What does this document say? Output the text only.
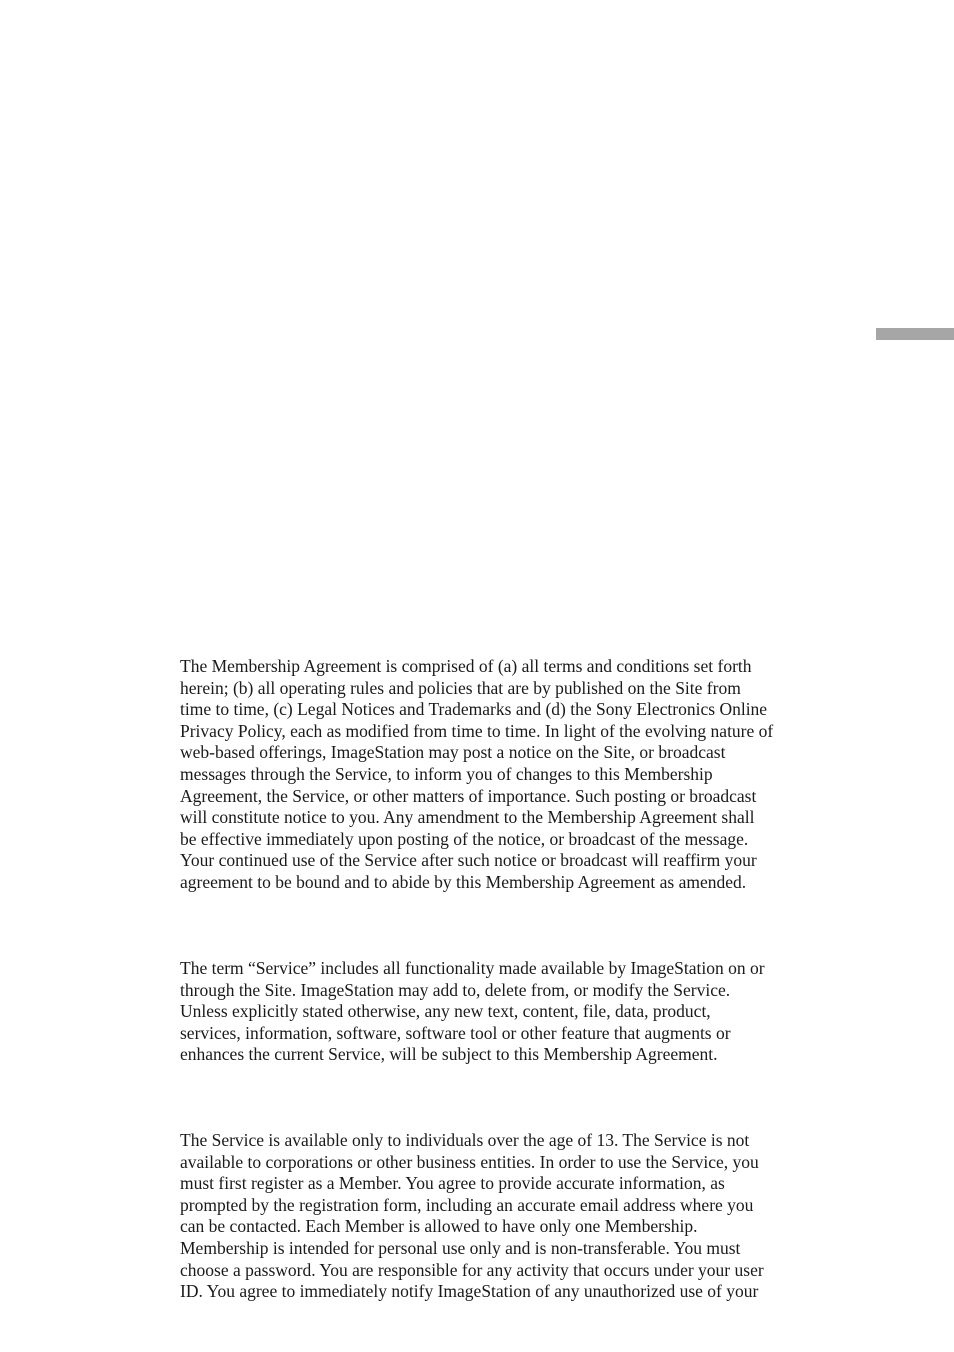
The Membership Agreement is comprised of (a) all terms and conditions set forth
herein; (b) all operating rules and policies that are by published on the Site from
time to time, (c) Legal Notices and Trademarks and (d) the Sony Electronics Online
Privacy Policy, each as modified from time to time. In light of the evolving nature of
web-based offerings, ImageStation may post a notice on the Site, or broadcast
messages through the Service, to inform you of changes to this Membership
Agreement, the Service, or other matters of importance. Such posting or broadcast
will constitute notice to you. Any amendment to the Membership Agreement shall
be effective immediately upon posting of the notice, or broadcast of the message.
Your continued use of the Service after such notice or broadcast will reaffirm your
agreement to be bound and to abide by this Membership Agreement as amended.

The term “Service” includes all functionality made available by ImageStation on or
through the Site. ImageStation may add to, delete from, or modify the Service.
Unless explicitly stated otherwise, any new text, content, file, data, product,
services, information, software, software tool or other feature that augments or
enhances the current Service, will be subject to this Membership Agreement.

The Service is available only to individuals over the age of 13. The Service is not
available to corporations or other business entities. In order to use the Service, you
must first register as a Member. You agree to provide accurate information, as
prompted by the registration form, including an accurate email address where you
can be contacted. Each Member is allowed to have only one Membership.
Membership is intended for personal use only and is non-transferable. You must
choose a password. You are responsible for any activity that occurs under your user
ID. You agree to immediately notify ImageStation of any unauthorized use of your
